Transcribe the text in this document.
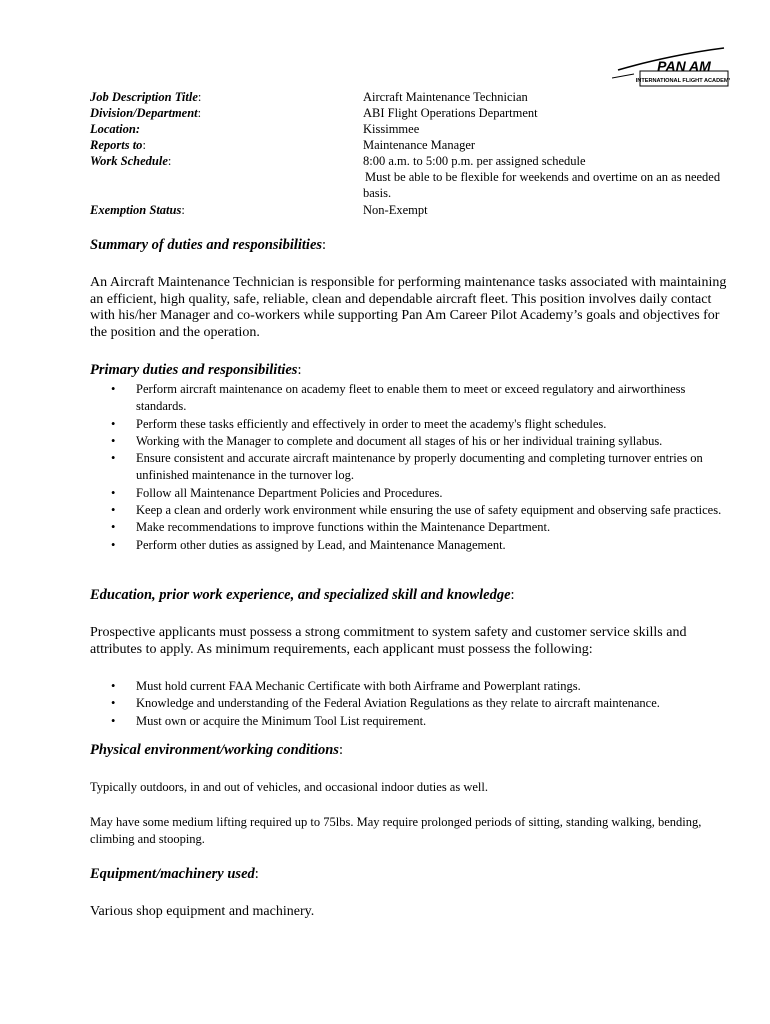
PAN AM
INTERNATIONAL FLIGHT ACADEMY
Job Description Title:	Aircraft Maintenance Technician
Division/Department:	ABI Flight Operations Department
Location:	Kissimmee
Reports to:	Maintenance Manager
Work Schedule:	8:00 a.m. to 5:00 p.m. per assigned schedule
Must be able to be flexible for weekends and overtime on an as needed
basis.
Exemption Status:	Non-Exempt
Summary of duties and responsibilities:
An Aircraft Maintenance Technician is responsible for performing maintenance tasks associated with maintaining an efficient, high quality, safe, reliable, clean and dependable aircraft fleet. This position involves daily contact with his/her Manager and co-workers while supporting Pan Am Career Pilot Academy’s goals and objectives for the position and the operation.
Primary duties and responsibilities:
• Perform aircraft maintenance on academy fleet to enable them to meet or exceed regulatory and airworthiness standards.
• Perform these tasks efficiently and effectively in order to meet the academy's flight schedules.
• Working with the Manager to complete and document all stages of his or her individual training syllabus.
• Ensure consistent and accurate aircraft maintenance by properly documenting and completing turnover entries on unfinished maintenance in the turnover log.
• Follow all Maintenance Department Policies and Procedures.
• Keep a clean and orderly work environment while ensuring the use of safety equipment and observing safe practices.
• Make recommendations to improve functions within the Maintenance Department.
• Perform other duties as assigned by Lead, and Maintenance Management.
Education, prior work experience, and specialized skill and knowledge:
Prospective applicants must possess a strong commitment to system safety and customer service skills and attributes to apply. As minimum requirements, each applicant must possess the following:
• Must hold current FAA Mechanic Certificate with both Airframe and Powerplant ratings.
• Knowledge and understanding of the Federal Aviation Regulations as they relate to aircraft maintenance.
• Must own or acquire the Minimum Tool List requirement.
Physical environment/working conditions:
Typically outdoors, in and out of vehicles, and occasional indoor duties as well.
May have some medium lifting required up to 75lbs. May require prolonged periods of sitting, standing walking, bending, climbing and stooping.
Equipment/machinery used:
Various shop equipment and machinery.
